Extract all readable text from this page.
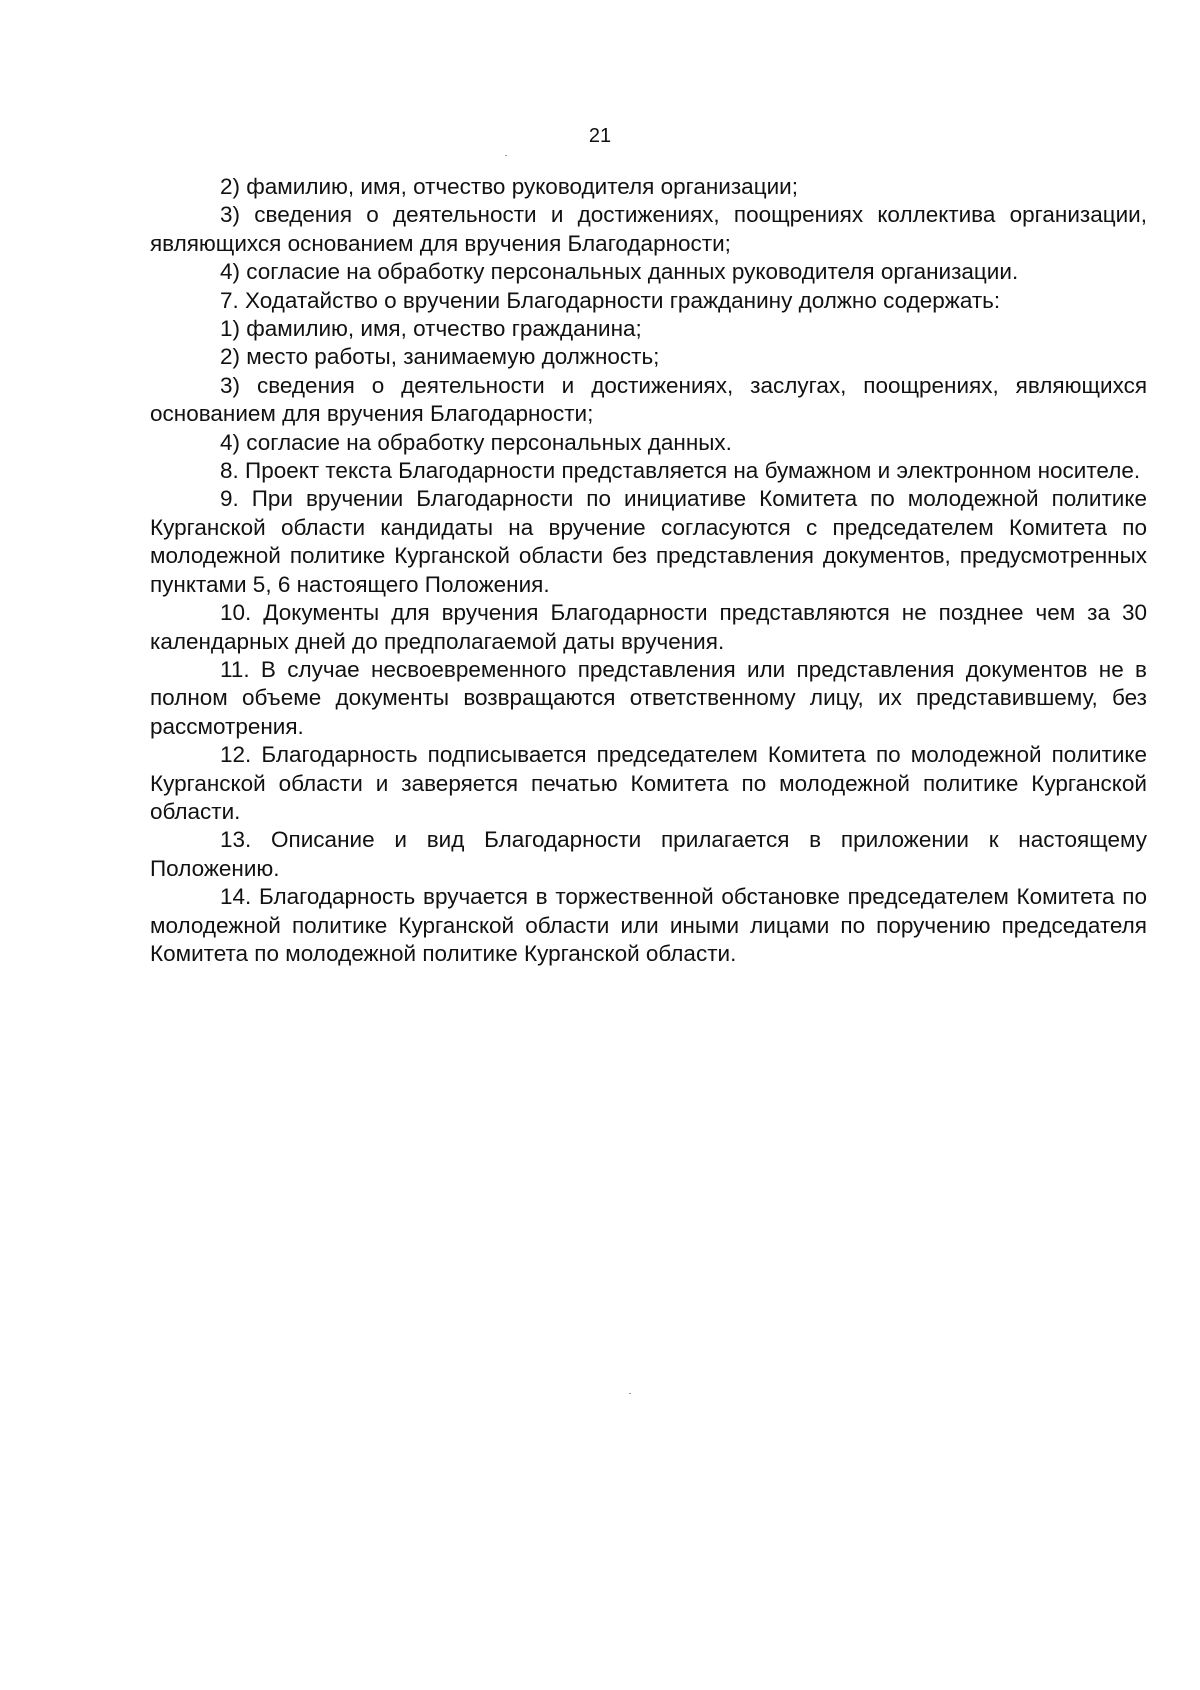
21

2) фамилию, имя, отчество руководителя организации;

3) сведения о деятельности и достижениях, поощрениях коллектива организации, являющихся основанием для вручения Благодарности;

4) согласие на обработку персональных данных руководителя организации.

7. Ходатайство о вручении Благодарности гражданину должно содержать:

1) фамилию, имя, отчество гражданина;

2) место работы, занимаемую должность;

3) сведения о деятельности и достижениях, заслугах, поощрениях, являющихся основанием для вручения Благодарности;

4) согласие на обработку персональных данных.

8. Проект текста Благодарности представляется на бумажном и электронном носителе.

9. При вручении Благодарности по инициативе Комитета по молодежной политике Курганской области кандидаты на вручение согласуются с председателем Комитета по молодежной политике Курганской области без представления документов, предусмотренных пунктами 5, 6 настоящего Положения.

10. Документы для вручения Благодарности представляются не позднее чем за 30 календарных дней до предполагаемой даты вручения.

11. В случае несвоевременного представления или представления документов не в полном объеме документы возвращаются ответственному лицу, их представившему, без рассмотрения.

12. Благодарность подписывается председателем Комитета по молодежной политике Курганской области и заверяется печатью Комитета по молодежной политике Курганской области.

13. Описание и вид Благодарности прилагается в приложении к настоящему Положению.

14. Благодарность вручается в торжественной обстановке председателем Комитета по молодежной политике Курганской области или иными лицами по поручению председателя Комитета по молодежной политике Курганской области.
